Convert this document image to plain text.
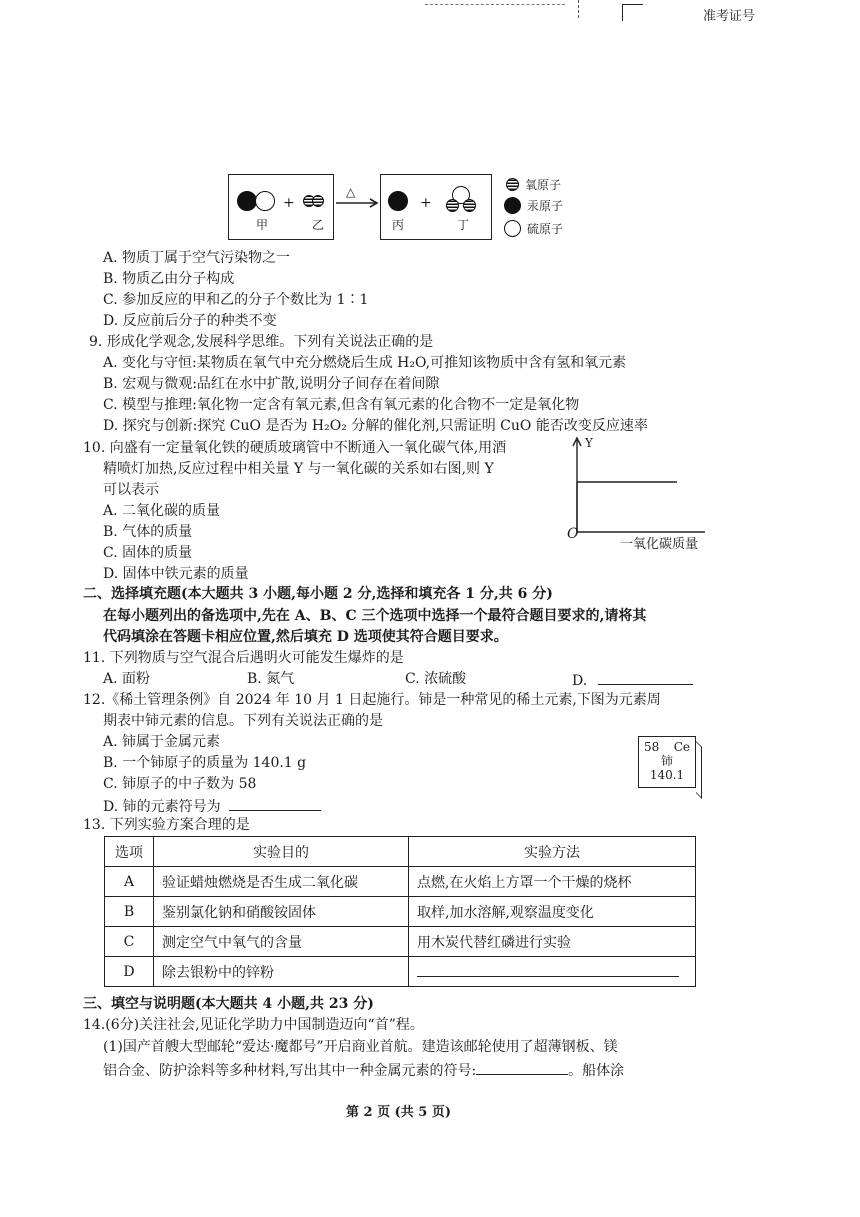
准考证号
+
甲	乙
△
+
丙	丁
氧原子
汞原子
硫原子
A. 物质丁属于空气污染物之一
B. 物质乙由分子构成
C. 参加反应的甲和乙的分子个数比为 1∶1
D. 反应前后分子的种类不变
9. 形成化学观念,发展科学思维。下列有关说法正确的是
A. 变化与守恒:某物质在氧气中充分燃烧后生成 H₂O,可推知该物质中含有氢和氧元素
B. 宏观与微观:品红在水中扩散,说明分子间存在着间隙
C. 模型与推理:氧化物一定含有氧元素,但含有氧元素的化合物不一定是氧化物
D. 探究与创新:探究 CuO 是否为 H₂O₂ 分解的催化剂,只需证明 CuO 能否改变反应速率
10. 向盛有一定量氧化铁的硬质玻璃管中不断通入一氧化碳气体,用酒
精喷灯加热,反应过程中相关量 Y 与一氧化碳的关系如右图,则 Y
可以表示
A. 二氧化碳的质量
B. 气体的质量
C. 固体的质量
D. 固体中铁元素的质量
Y
O
一氧化碳质量
二、选择填充题(本大题共 3 小题,每小题 2 分,选择和填充各 1 分,共 6 分)
在每小题列出的备选项中,先在 A、B、C 三个选项中选择一个最符合题目要求的,请将其
代码填涂在答题卡相应位置,然后填充 D 选项使其符合题目要求。
11. 下列物质与空气混合后遇明火可能发生爆炸的是
A. 面粉	B. 氮气	C. 浓硫酸	D.
12.《稀土管理条例》自 2024 年 10 月 1 日起施行。铈是一种常见的稀土元素,下图为元素周
期表中铈元素的信息。下列有关说法正确的是
A. 铈属于金属元素
B. 一个铈原子的质量为 140.1 g
C. 铈原子的中子数为 58
D. 铈的元素符号为
58 Ce
铈
140.1
13. 下列实验方案合理的是
选项	实验目的	实验方法
A	验证蜡烛燃烧是否生成二氧化碳	点燃,在火焰上方罩一个干燥的烧杯
B	鉴别氯化钠和硝酸铵固体	取样,加水溶解,观察温度变化
C	测定空气中氧气的含量	用木炭代替红磷进行实验
D	除去银粉中的锌粉	
三、填空与说明题(本大题共 4 小题,共 23 分)
14.(6分)关注社会,见证化学助力中国制造迈向“首”程。
(1)国产首艘大型邮轮“爱达·魔都号”开启商业首航。建造该邮轮使用了超薄钢板、镁
铝合金、防护涂料等多种材料,写出其中一种金属元素的符号:	。船体涂
第 2 页 (共 5 页)
